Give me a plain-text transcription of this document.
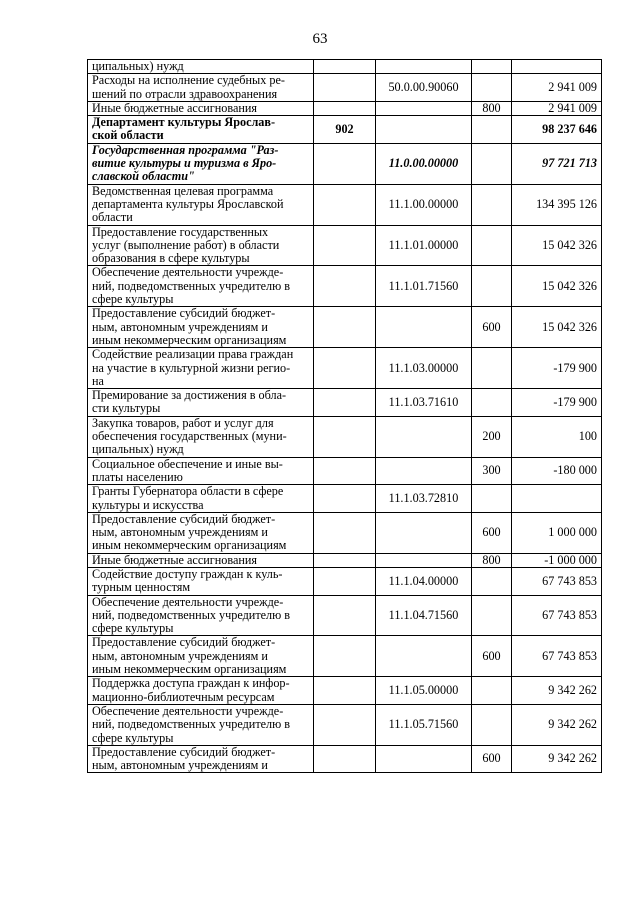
63
ципальных) нужд				
Расходы на исполнение судебных ре-
шений по отрасли здравоохранения		50.0.00.90060		2 941 009
Иные бюджетные ассигнования			800	2 941 009
Департамент культуры Ярослав-
ской области	902			98 237 646
Государственная программа "Раз-
витие культуры и туризма в Яро-
славской области"		11.0.00.00000		97 721 713
Ведомственная целевая программа
департамента культуры Ярославской
области		11.1.00.00000		134 395 126
Предоставление государственных
услуг (выполнение работ) в области
образования в сфере культуры		11.1.01.00000		15 042 326
Обеспечение деятельности учрежде-
ний, подведомственных учредителю в
сфере культуры		11.1.01.71560		15 042 326
Предоставление субсидий бюджет-
ным, автономным учреждениям и
иным некоммерческим организациям			600	15 042 326
Содействие реализации права граждан
на участие в культурной жизни регио-
на		11.1.03.00000		-179 900
Премирование за достижения в обла-
сти культуры		11.1.03.71610		-179 900
Закупка товаров, работ и услуг для
обеспечения государственных (муни-
ципальных) нужд			200	100
Социальное обеспечение и иные вы-
платы населению			300	-180 000
Гранты Губернатора области в сфере
культуры и искусства		11.1.03.72810		
Предоставление субсидий бюджет-
ным, автономным учреждениям и
иным некоммерческим организациям			600	1 000 000
Иные бюджетные ассигнования			800	-1 000 000
Содействие доступу граждан к куль-
турным ценностям		11.1.04.00000		67 743 853
Обеспечение деятельности учрежде-
ний, подведомственных учредителю в
сфере культуры		11.1.04.71560		67 743 853
Предоставление субсидий бюджет-
ным, автономным учреждениям и
иным некоммерческим организациям			600	67 743 853
Поддержка доступа граждан к инфор-
мационно-библиотечным ресурсам		11.1.05.00000		9 342 262
Обеспечение деятельности учрежде-
ний, подведомственных учредителю в
сфере культуры		11.1.05.71560		9 342 262
Предоставление субсидий бюджет-
ным, автономным учреждениям и			600	9 342 262
